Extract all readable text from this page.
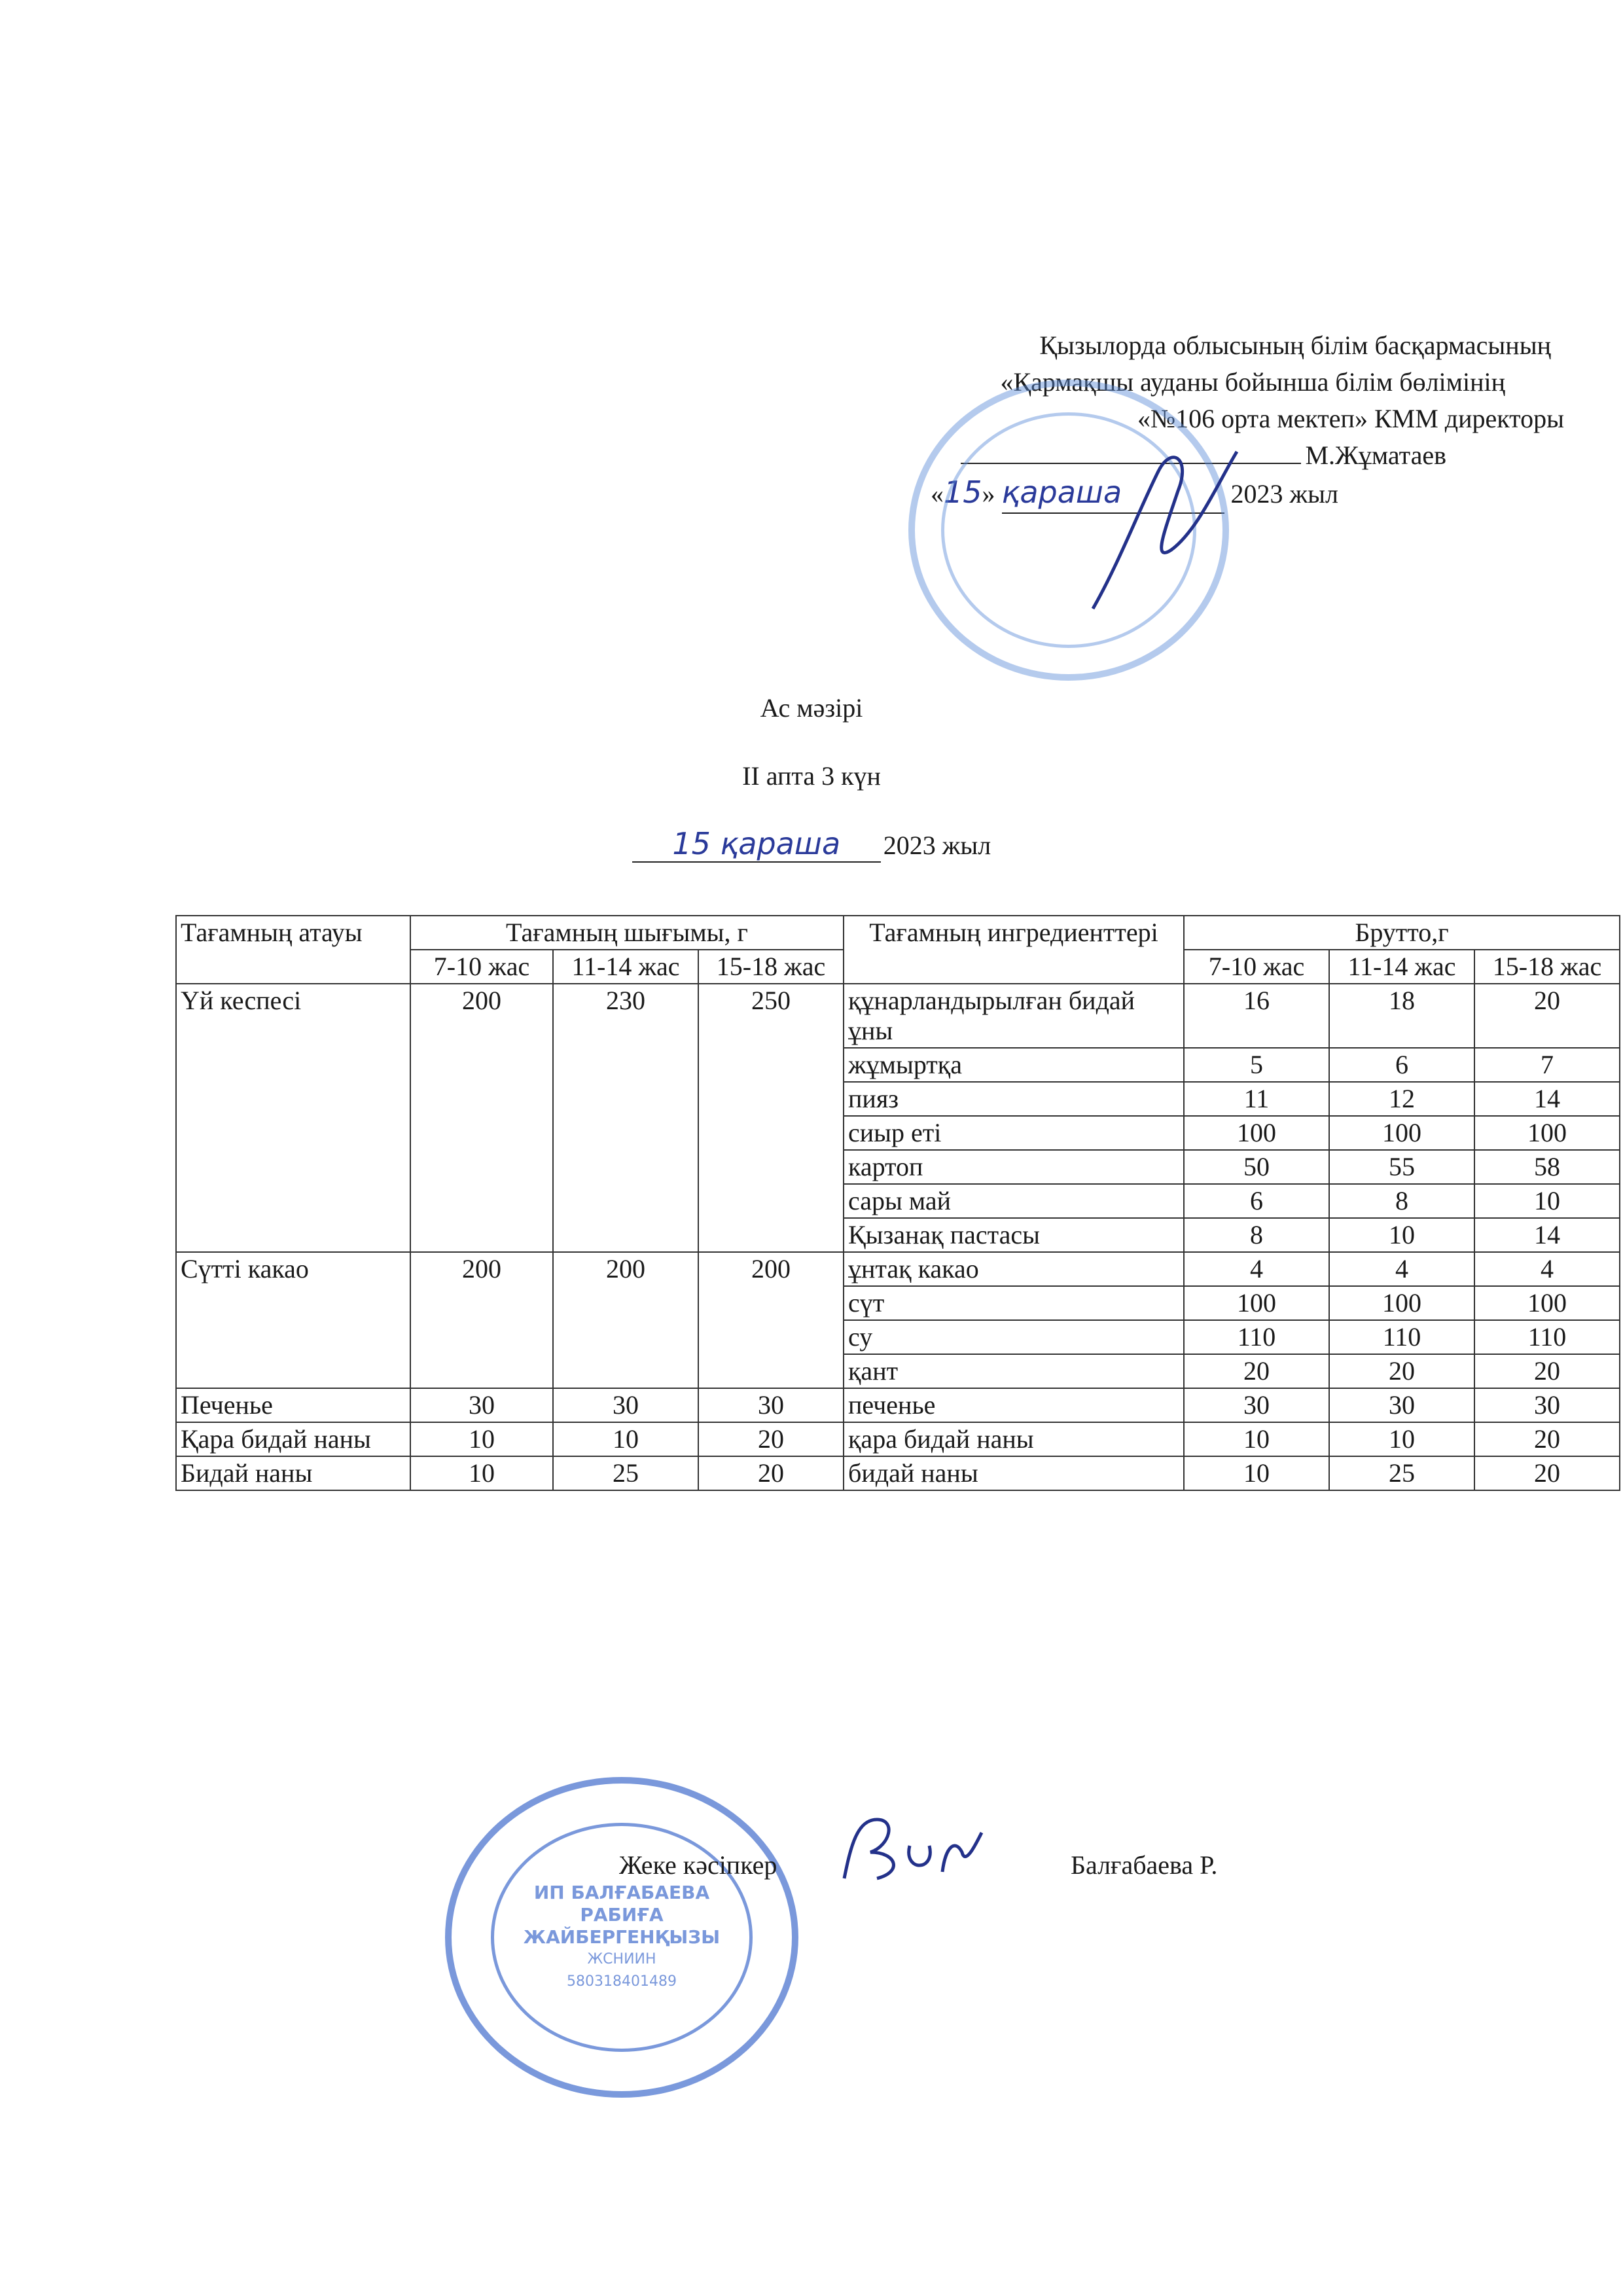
Қызылорда облысының білім басқармасының
«Қармақшы ауданы бойынша білім бөлімінің
«№106 орта мектеп» КММ директоры
М.Жұматаев
«15» қараша	2023 жыл
Ас мәзірі
ІІ апта 3 күн
15 қараша 2023 жыл
Тағамның атауы	Тағамның шығымы, г			Тағамның ингредиенттері	Брутто,г		
	7-10 жас	11-14 жас	15-18 жас		7-10 жас	11-14 жас	15-18 жас
Үй кеспесі	200	230	250	құнарландырылған бидай ұны	16	18	20
				жұмыртқа	5	6	7
				пияз	11	12	14
				сиыр еті	100	100	100
				картоп	50	55	58
				сары май	6	8	10
				Қызанақ пастасы	8	10	14
Сүтті какао	200	200	200	ұнтақ какао	4	4	4
				сүт	100	100	100
				су	110	110	110
				қант	20	20	20
Печенье	30	30	30	печенье	30	30	30
Қара бидай наны	10	10	20	қара бидай наны	10	10	20
Бидай наны	10	25	20	бидай наны	10	25	20
ИП БАЛҒАБАЕВА
РАБИҒА
ЖАЙБЕРГЕНҚЫЗЫ
ЖСНИИН
580318401489
Жеке кәсіпкер	Балғабаева Р.
